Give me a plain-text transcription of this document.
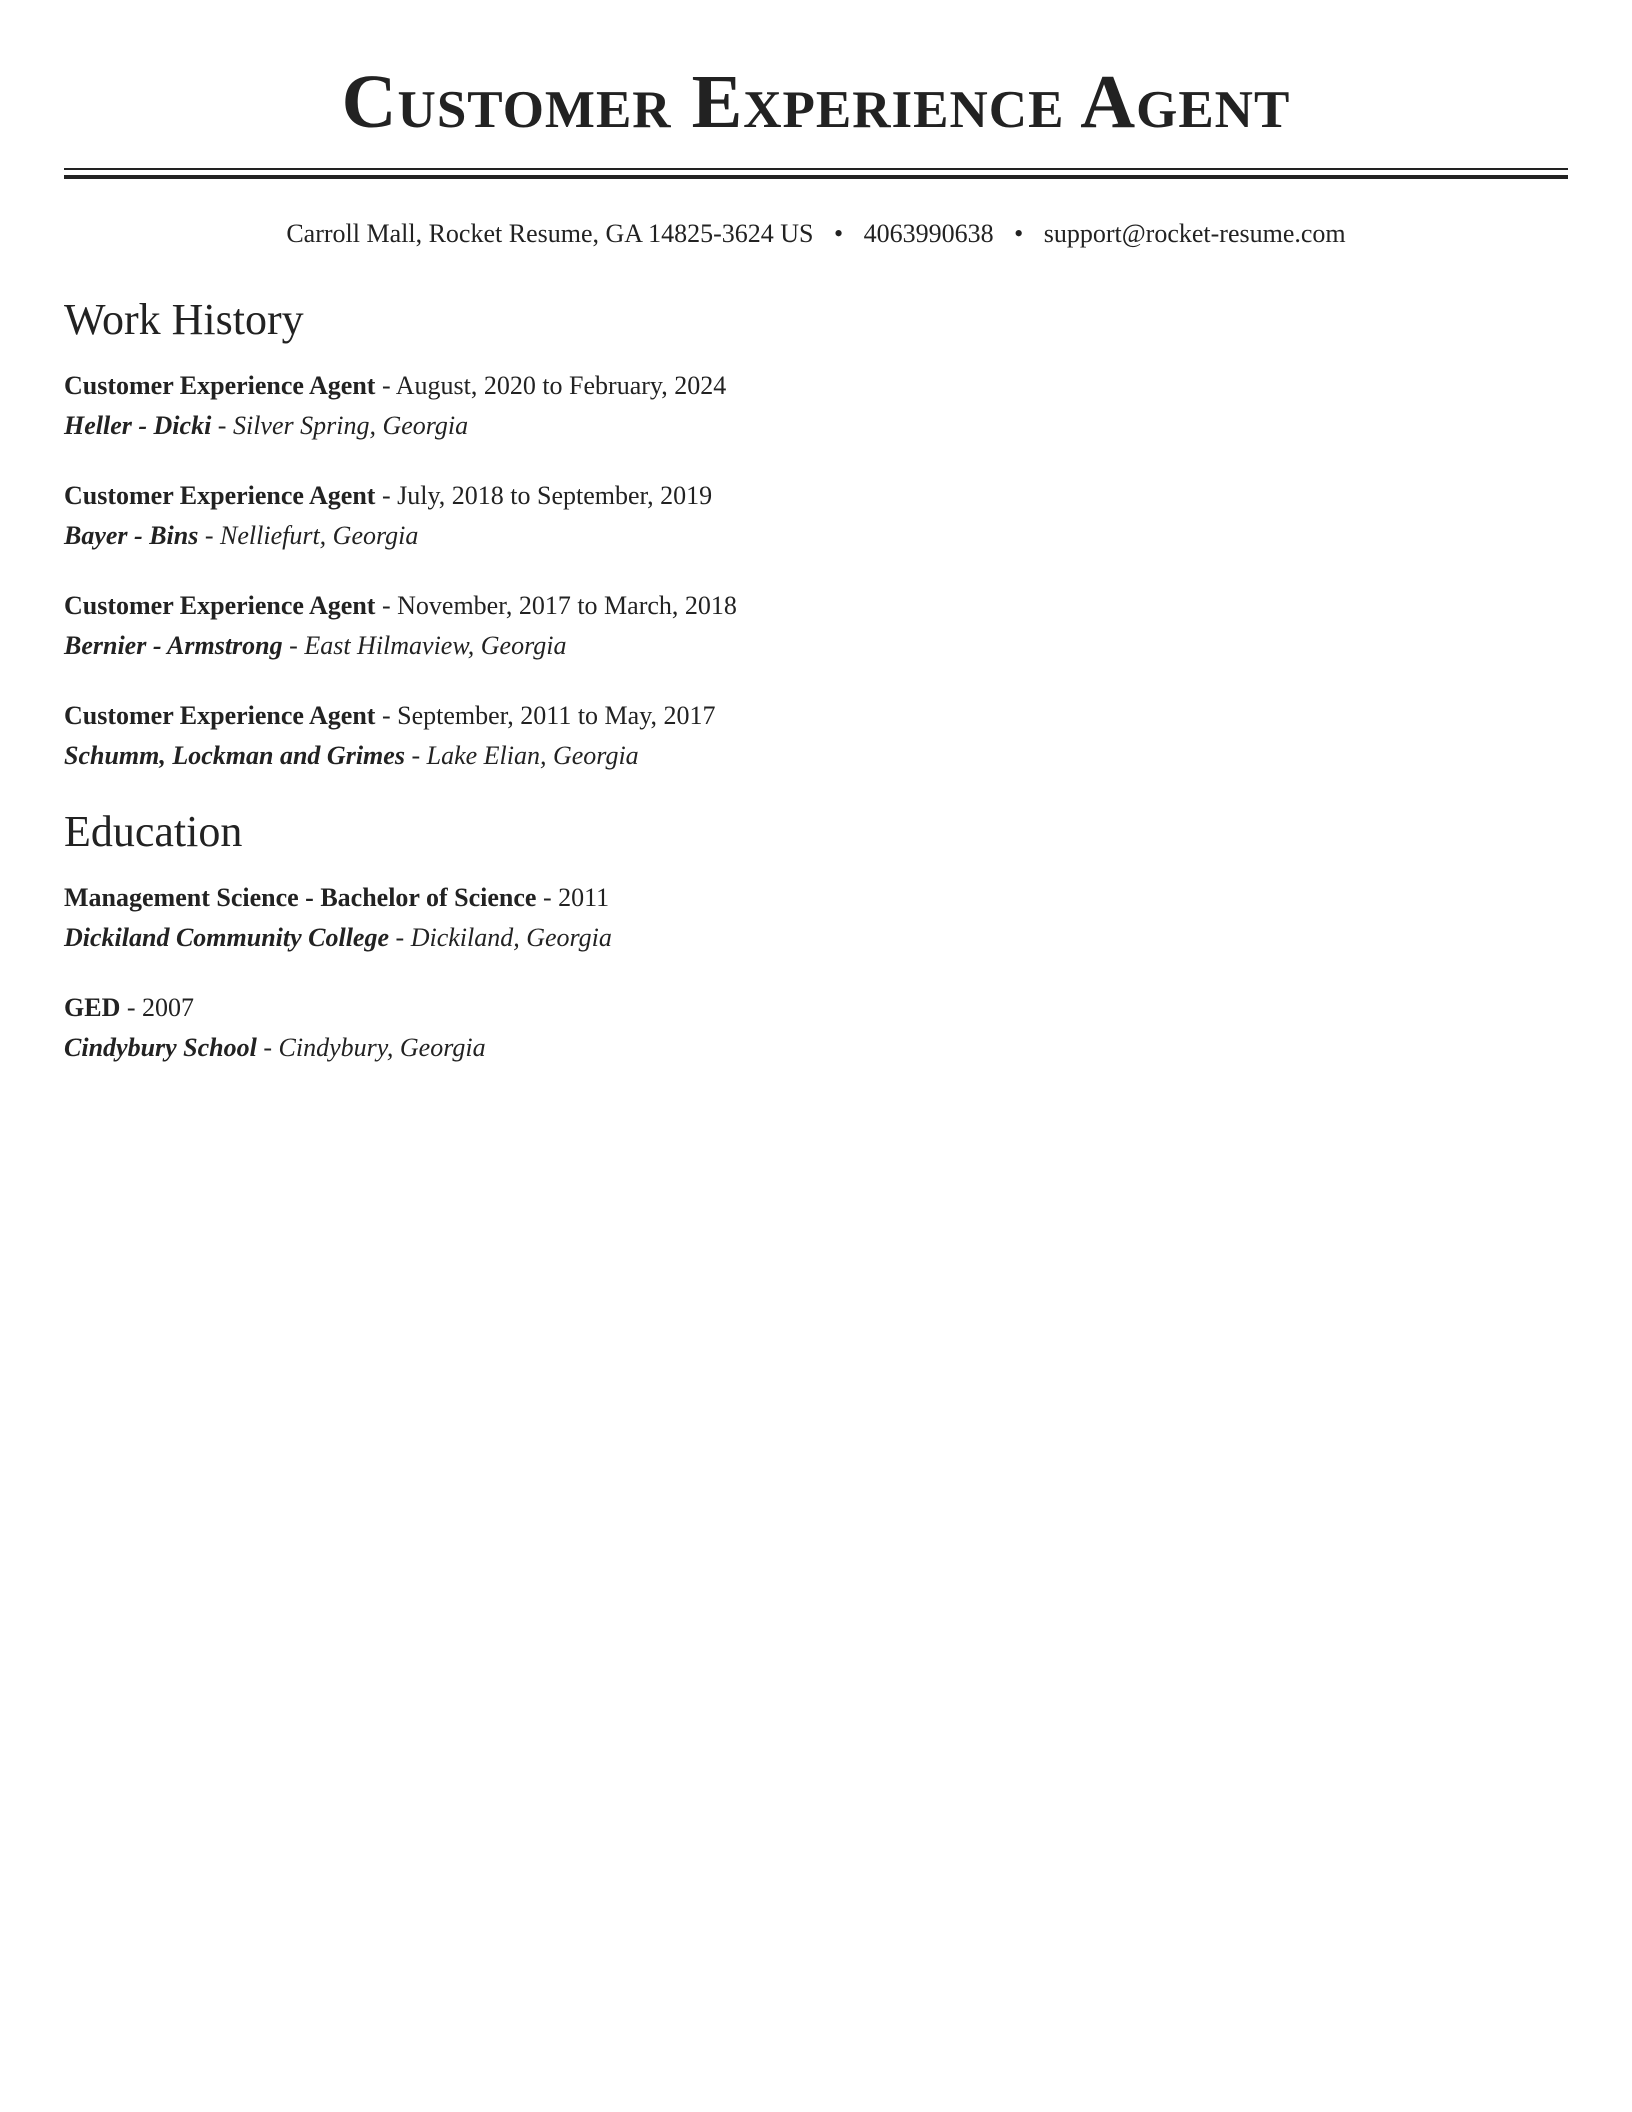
Customer Experience Agent
Carroll Mall, Rocket Resume, GA 14825-3624 US • 4063990638 • support@rocket-resume.com
Work History
Customer Experience Agent - August, 2020 to February, 2024
Heller - Dicki - Silver Spring, Georgia
Customer Experience Agent - July, 2018 to September, 2019
Bayer - Bins - Nelliefurt, Georgia
Customer Experience Agent - November, 2017 to March, 2018
Bernier - Armstrong - East Hilmaview, Georgia
Customer Experience Agent - September, 2011 to May, 2017
Schumm, Lockman and Grimes - Lake Elian, Georgia
Education
Management Science - Bachelor of Science - 2011
Dickiland Community College - Dickiland, Georgia
GED - 2007
Cindybury School - Cindybury, Georgia
